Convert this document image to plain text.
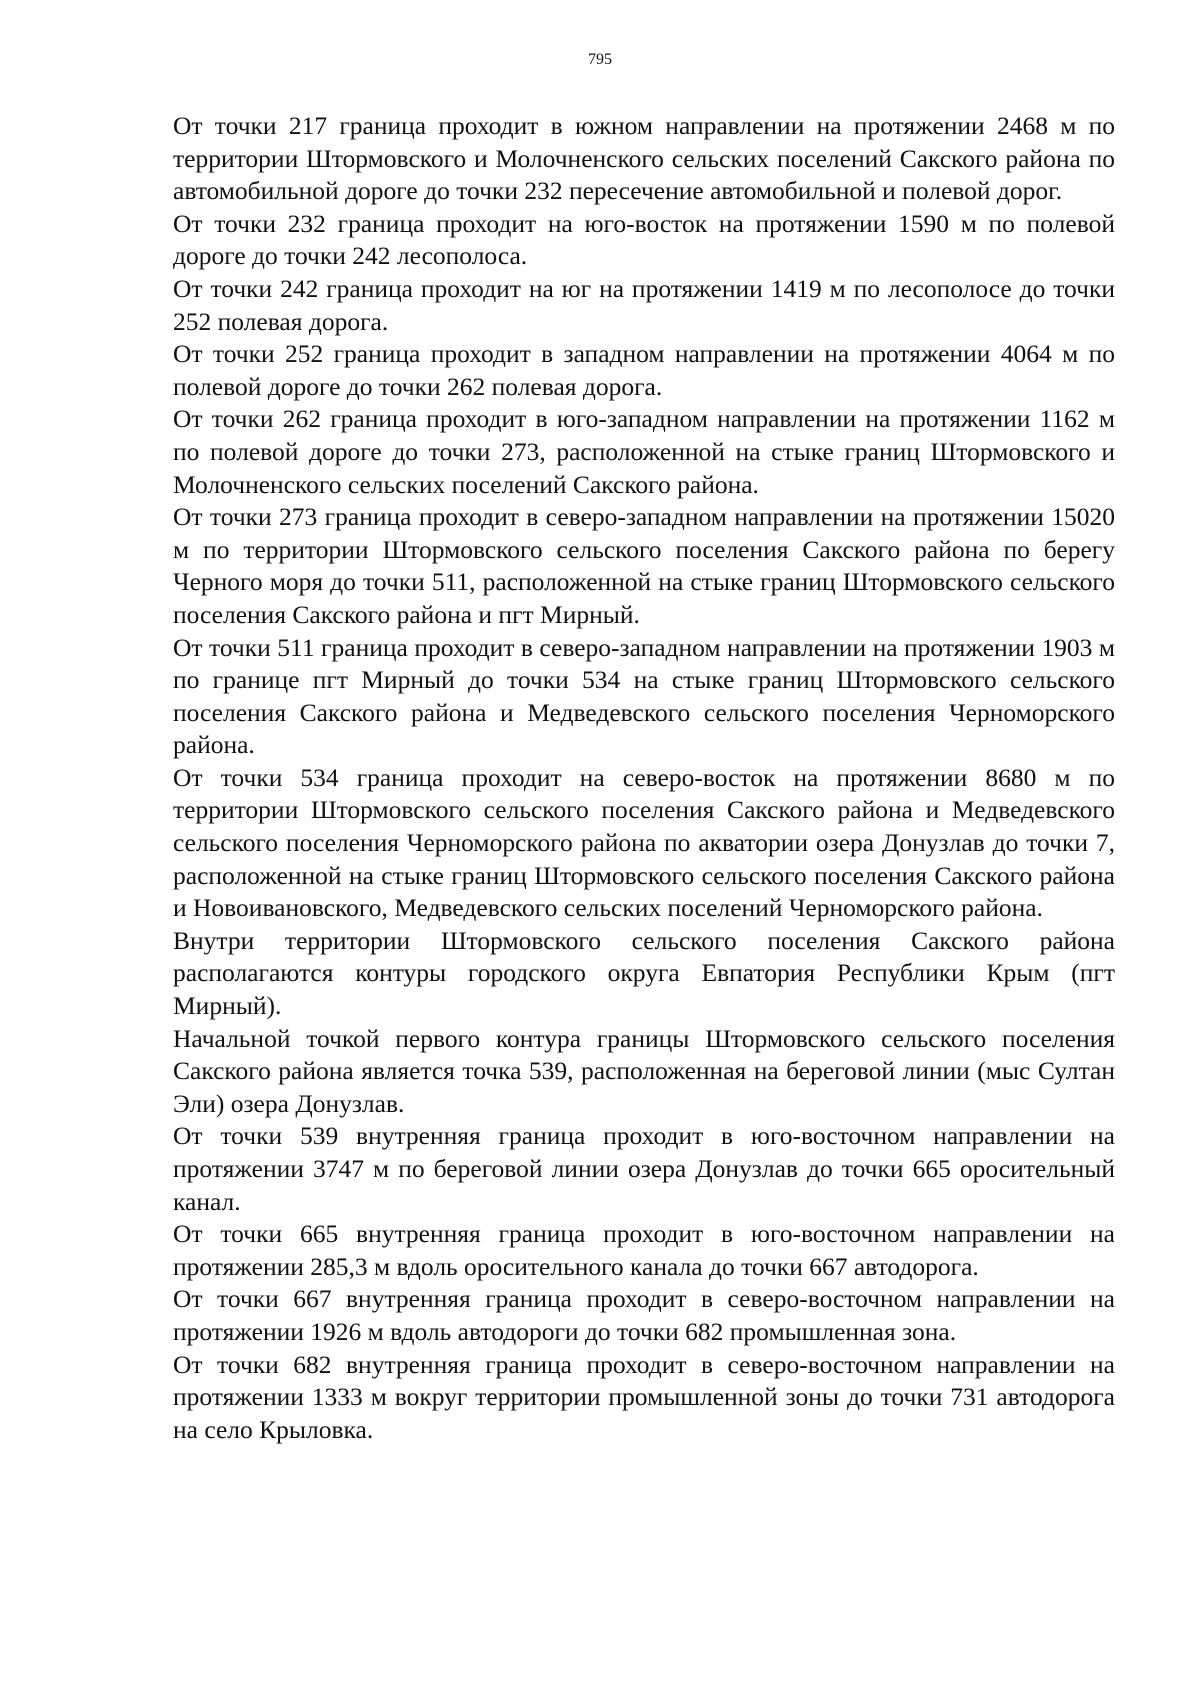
795

От точки 217 граница проходит в южном направлении на протяжении 2468 м по территории Штормовского и Молочненского сельских поселений Сакского района по автомобильной дороге до точки 232 пересечение автомобильной и полевой дорог.

От точки 232 граница проходит на юго-восток на протяжении 1590 м по полевой дороге до точки 242 лесополоса.

От точки 242 граница проходит на юг на протяжении 1419 м по лесополосе до точки 252 полевая дорога.

От точки 252 граница проходит в западном направлении на протяжении 4064 м по полевой дороге до точки 262 полевая дорога.

От точки 262 граница проходит в юго-западном направлении на протяжении 1162 м по полевой дороге до точки 273, расположенной на стыке границ Штормовского и Молочненского сельских поселений Сакского района.

От точки 273 граница проходит в северо-западном направлении на протяжении 15020 м по территории Штормовского сельского поселения Сакского района по берегу Черного моря до точки 511, расположенной на стыке границ Штормовского сельского поселения Сакского района и пгт Мирный.

От точки 511 граница проходит в северо-западном направлении на протяжении 1903 м по границе пгт Мирный до точки 534 на стыке границ Штормовского сельского поселения Сакского района и Медведевского сельского поселения Черноморского района.

От точки 534 граница проходит на северо-восток на протяжении 8680 м по территории Штормовского сельского поселения Сакского района и Медведевского сельского поселения Черноморского района по акватории озера Донузлав до точки 7, расположенной на стыке границ Штормовского сельского поселения Сакского района и Новоивановского, Медведевского сельских поселений Черноморского района.

Внутри территории Штормовского сельского поселения Сакского района располагаются контуры городского округа Евпатория Республики Крым (пгт Мирный).

Начальной точкой первого контура границы Штормовского сельского поселения Сакского района является точка 539, расположенная на береговой линии (мыс Султан Эли) озера Донузлав.

От точки 539 внутренняя граница проходит в юго-восточном направлении на протяжении 3747 м по береговой линии озера Донузлав до точки 665 оросительный канал.

От точки 665 внутренняя граница проходит в юго-восточном направлении на протяжении 285,3 м вдоль оросительного канала до точки 667 автодорога.

От точки 667 внутренняя граница проходит в северо-восточном направлении на протяжении 1926 м вдоль автодороги до точки 682 промышленная зона.

От точки 682 внутренняя граница проходит в северо-восточном направлении на протяжении 1333 м вокруг территории промышленной зоны до точки 731 автодорога на село Крыловка.
